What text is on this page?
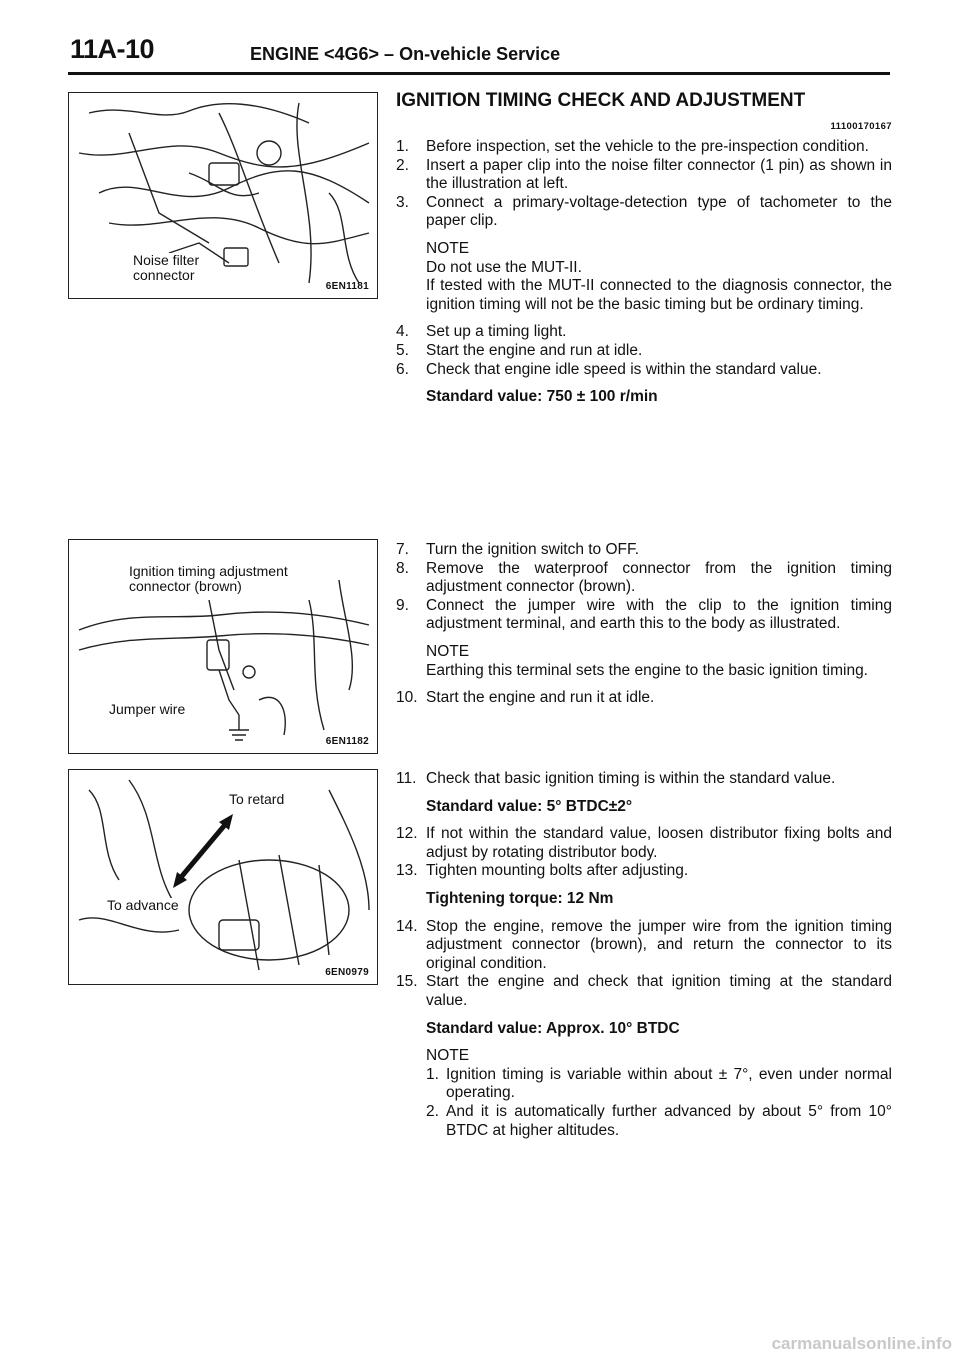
11A-10	ENGINE <4G6> – On-vehicle Service
Noise filter
connector
6EN1181
Ignition timing adjustment
connector (brown)
Jumper wire
6EN1182
To retard
To advance
6EN0979
IGNITION TIMING CHECK AND ADJUSTMENT
11100170167
1.	Before inspection, set the vehicle to the pre-inspection condition.
2.	Insert a paper clip into the noise filter connector (1 pin) as shown in the illustration at left.
3.	Connect a primary-voltage-detection type of tachometer to the paper clip.
NOTE
Do not use the MUT-II.
If tested with the MUT-II connected to the diagnosis connector, the ignition timing will not be the basic timing but be ordinary timing.
4.	Set up a timing light.
5.	Start the engine and run at idle.
6.	Check that engine idle speed is within the standard value.
Standard value: 750 ± 100 r/min
7.	Turn the ignition switch to OFF.
8.	Remove the waterproof connector from the ignition timing adjustment connector (brown).
9.	Connect the jumper wire with the clip to the ignition timing adjustment terminal, and earth this to the body as illustrated.
NOTE
Earthing this terminal sets the engine to the basic ignition timing.
10. Start the engine and run it at idle.
11. Check that basic ignition timing is within the standard value.
Standard value: 5° BTDC±2°
12. If not within the standard value, loosen distributor fixing bolts and adjust by rotating distributor body.
13. Tighten mounting bolts after adjusting.
Tightening torque: 12 Nm
14. Stop the engine, remove the jumper wire from the ignition timing adjustment connector (brown), and return the connector to its original condition.
15. Start the engine and check that ignition timing at the standard value.
Standard value: Approx. 10° BTDC
NOTE
1. Ignition timing is variable within about ± 7°, even under normal operating.
2. And it is automatically further advanced by about 5° from 10° BTDC at higher altitudes.
carmanualsonline.info
